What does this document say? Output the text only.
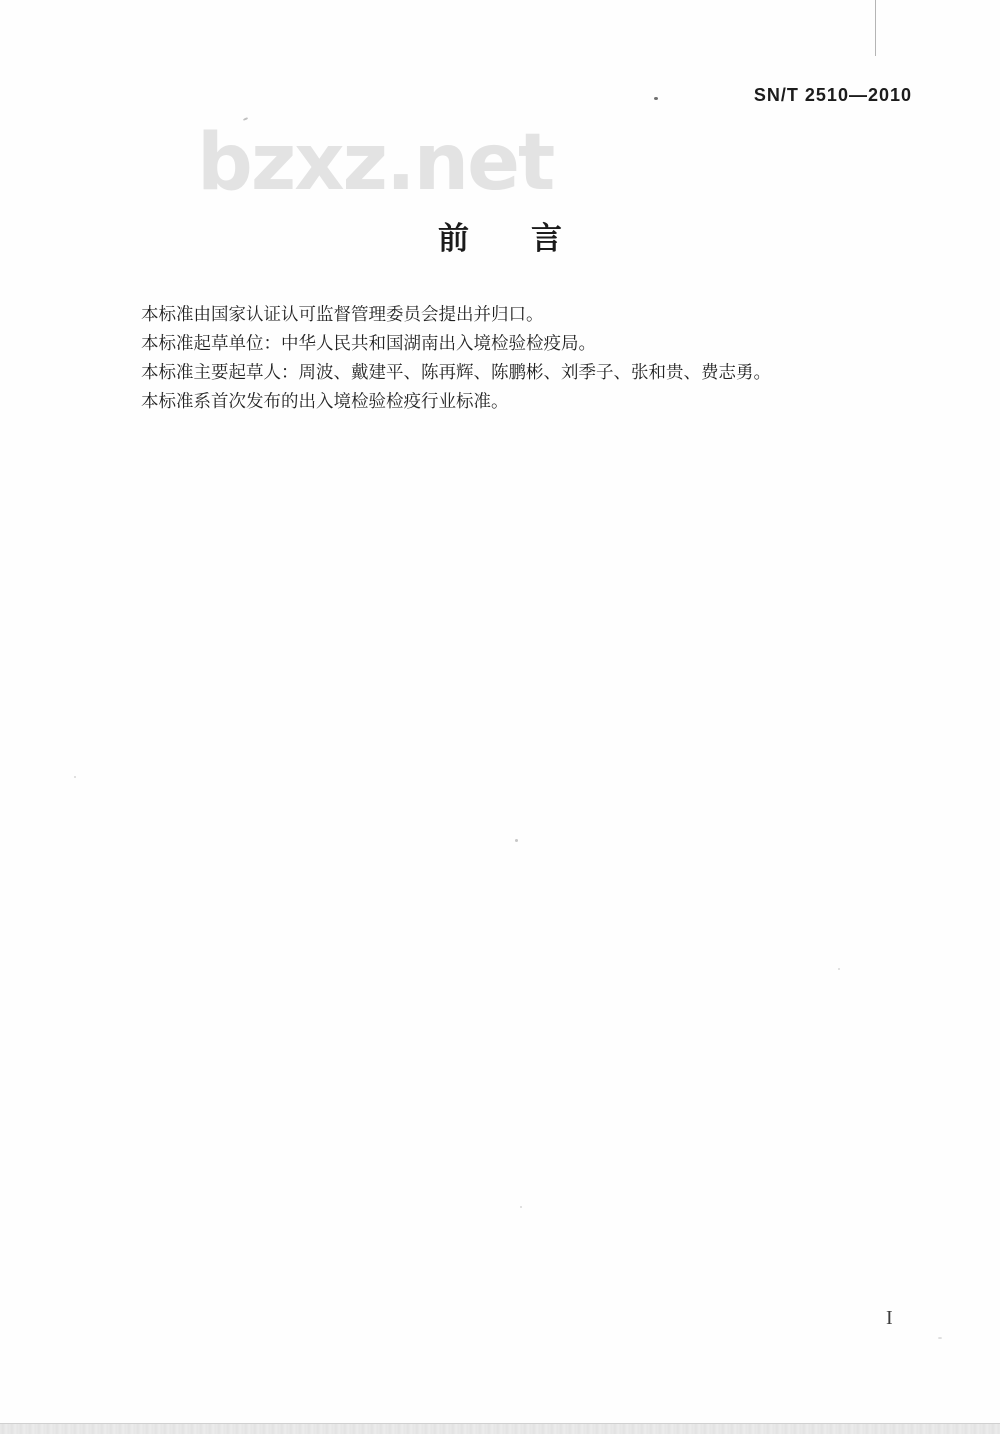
SN/T 2510—2010
bzxz.net
前　　言

本标准由国家认证认可监督管理委员会提出并归口。

本标准起草单位：中华人民共和国湖南出入境检验检疫局。

本标准主要起草人：周波、戴建平、陈再辉、陈鹏彬、刘季子、张和贵、费志勇。

本标准系首次发布的出入境检验检疫行业标准。

I
